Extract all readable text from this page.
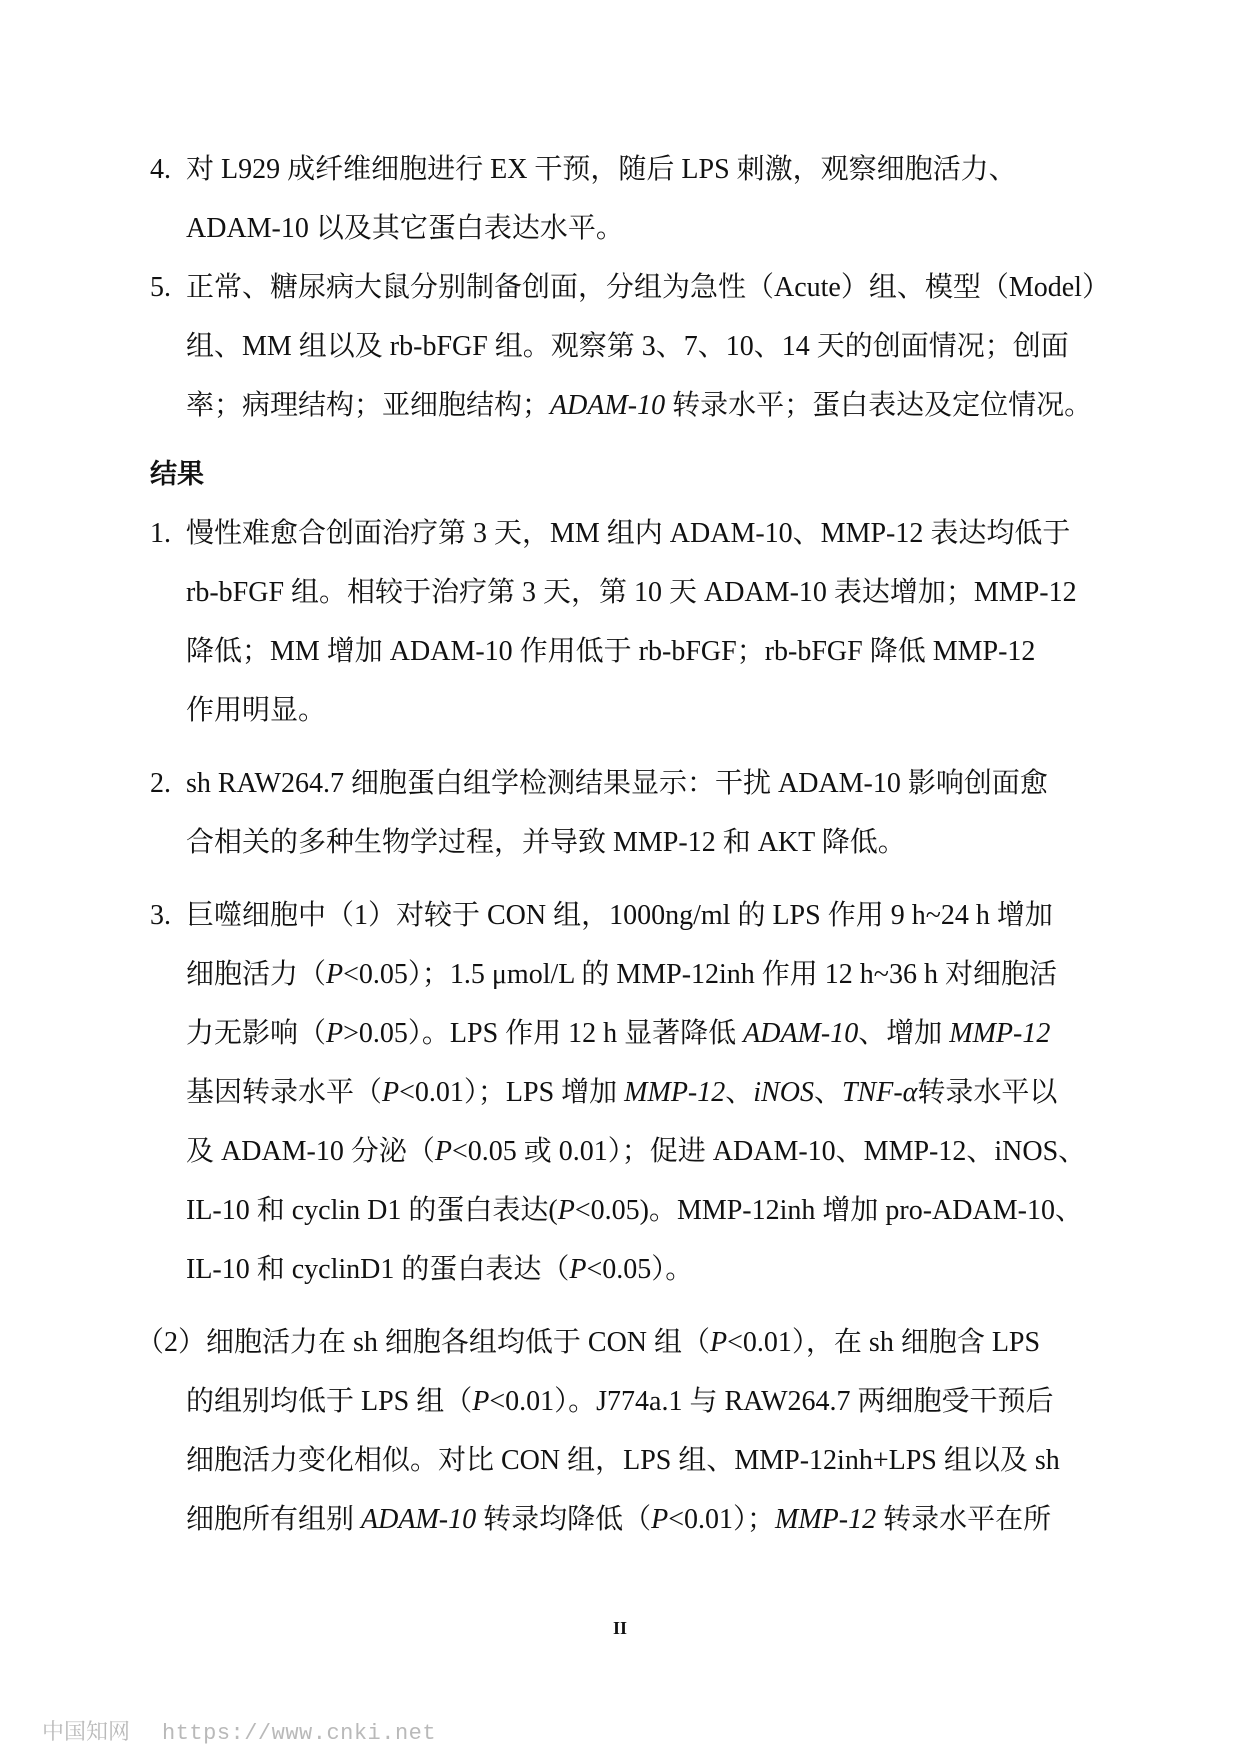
4. 对 L929 成纤维细胞进行 EX 干预，随后 LPS 刺激，观察细胞活力、
ADAM-10 以及其它蛋白表达水平。
5. 正常、糖尿病大鼠分别制备创面，分组为急性（Acute）组、模型（Model）
组、MM 组以及 rb-bFGF 组。观察第 3、7、10、14 天的创面情况；创面
率；病理结构；亚细胞结构；ADAM-10 转录水平；蛋白表达及定位情况。
结果
1. 慢性难愈合创面治疗第 3 天，MM 组内 ADAM-10、MMP-12 表达均低于
rb-bFGF 组。相较于治疗第 3 天，第 10 天 ADAM-10 表达增加；MMP-12
降低；MM 增加 ADAM-10 作用低于 rb-bFGF；rb-bFGF 降低 MMP-12
作用明显。
2. sh RAW264.7 细胞蛋白组学检测结果显示：干扰 ADAM-10 影响创面愈
合相关的多种生物学过程，并导致 MMP-12 和 AKT 降低。
3. 巨噬细胞中（1）对较于 CON 组，1000ng/ml 的 LPS 作用 9 h~24 h 增加
细胞活力（P<0.05）；1.5 μmol/L 的 MMP-12inh 作用 12 h~36 h 对细胞活
力无影响（P>0.05）。LPS 作用 12 h 显著降低 ADAM-10、增加 MMP-12
基因转录水平（P<0.01）；LPS 增加 MMP-12、iNOS、TNF-α转录水平以
及 ADAM-10 分泌（P<0.05 或 0.01）；促进 ADAM-10、MMP-12、iNOS、
IL-10 和 cyclin D1 的蛋白表达(P<0.05)。MMP-12inh 增加 pro-ADAM-10、
IL-10 和 cyclinD1 的蛋白表达（P<0.05）。
（2）细胞活力在 sh 细胞各组均低于 CON 组（P<0.01），在 sh 细胞含 LPS
的组别均低于 LPS 组（P<0.01）。J774a.1 与 RAW264.7 两细胞受干预后
细胞活力变化相似。对比 CON 组，LPS 组、MMP-12inh+LPS 组以及 sh
细胞所有组别 ADAM-10 转录均降低（P<0.01）；MMP-12 转录水平在所
II
中国知网 https://www.cnki.net
